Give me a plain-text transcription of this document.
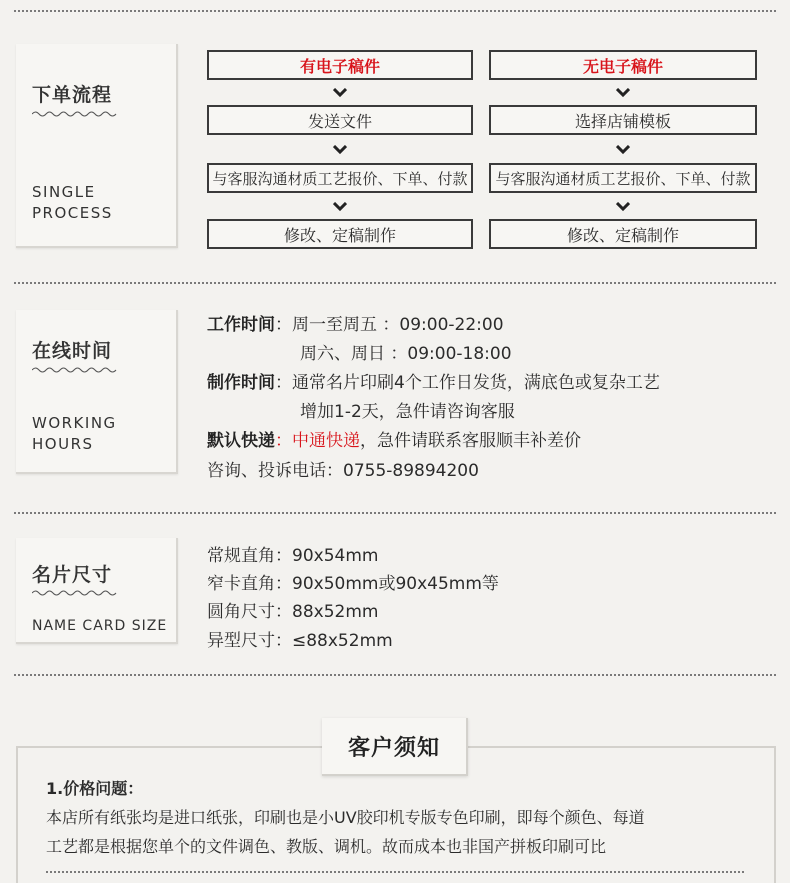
下单流程
SINGLE
PROCESS
有电子稿件
发送文件
与客服沟通材质工艺报价、下单、付款
修改、定稿制作
无电子稿件
选择店铺模板
与客服沟通材质工艺报价、下单、付款
修改、定稿制作
在线时间
WORKING
HOURS
工作时间：周一至周五 ：09:00-22:00
周六、周日 ：09:00-18:00
制作时间：通常名片印刷4个工作日发货，满底色或复杂工艺
增加1-2天，急件请咨询客服
默认快递：中通快递，急件请联系客服顺丰补差价
咨询、投诉电话：0755-89894200
名片尺寸
NAME CARD SIZE
常规直角：90x54mm
窄卡直角：90x50mm或90x45mm等
圆角尺寸：88x52mm
异型尺寸：≤88x52mm
客户须知
1.价格问题：
本店所有纸张均是进口纸张，印刷也是小UV胶印机专版专色印刷，即每个颜色、每道
工艺都是根据您单个的文件调色、教版、调机。故而成本也非国产拼板印刷可比
